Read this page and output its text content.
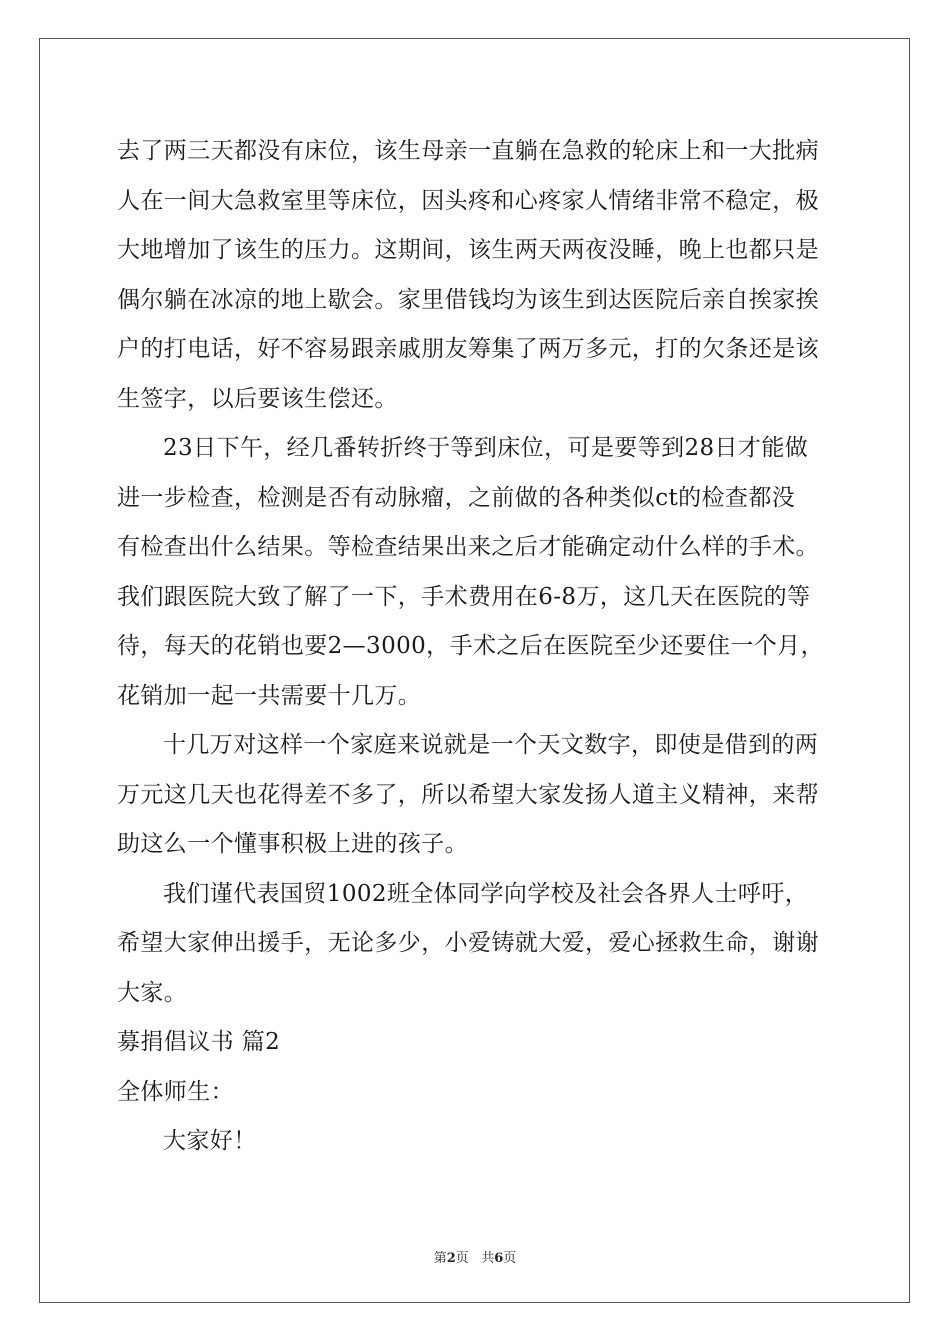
去了两三天都没有床位，该生母亲一直躺在急救的轮床上和一大批病
人在一间大急救室里等床位，因头疼和心疼家人情绪非常不稳定，极
大地增加了该生的压力。这期间，该生两天两夜没睡，晚上也都只是
偶尔躺在冰凉的地上歇会。家里借钱均为该生到达医院后亲自挨家挨
户的打电话，好不容易跟亲戚朋友筹集了两万多元，打的欠条还是该
生签字，以后要该生偿还。
23日下午，经几番转折终于等到床位，可是要等到28日才能做
进一步检查，检测是否有动脉瘤，之前做的各种类似ct的检查都没
有检查出什么结果。等检查结果出来之后才能确定动什么样的手术。
我们跟医院大致了解了一下，手术费用在6-8万，这几天在医院的等
待，每天的花销也要2—3000，手术之后在医院至少还要住一个月，
花销加一起一共需要十几万。
十几万对这样一个家庭来说就是一个天文数字，即使是借到的两
万元这几天也花得差不多了，所以希望大家发扬人道主义精神，来帮
助这么一个懂事积极上进的孩子。
我们谨代表国贸1002班全体同学向学校及社会各界人士呼吁，
希望大家伸出援手，无论多少，小爱铸就大爱，爱心拯救生命，谢谢
大家。
募捐倡议书 篇2
全体师生：
大家好！
第2页 共6页
